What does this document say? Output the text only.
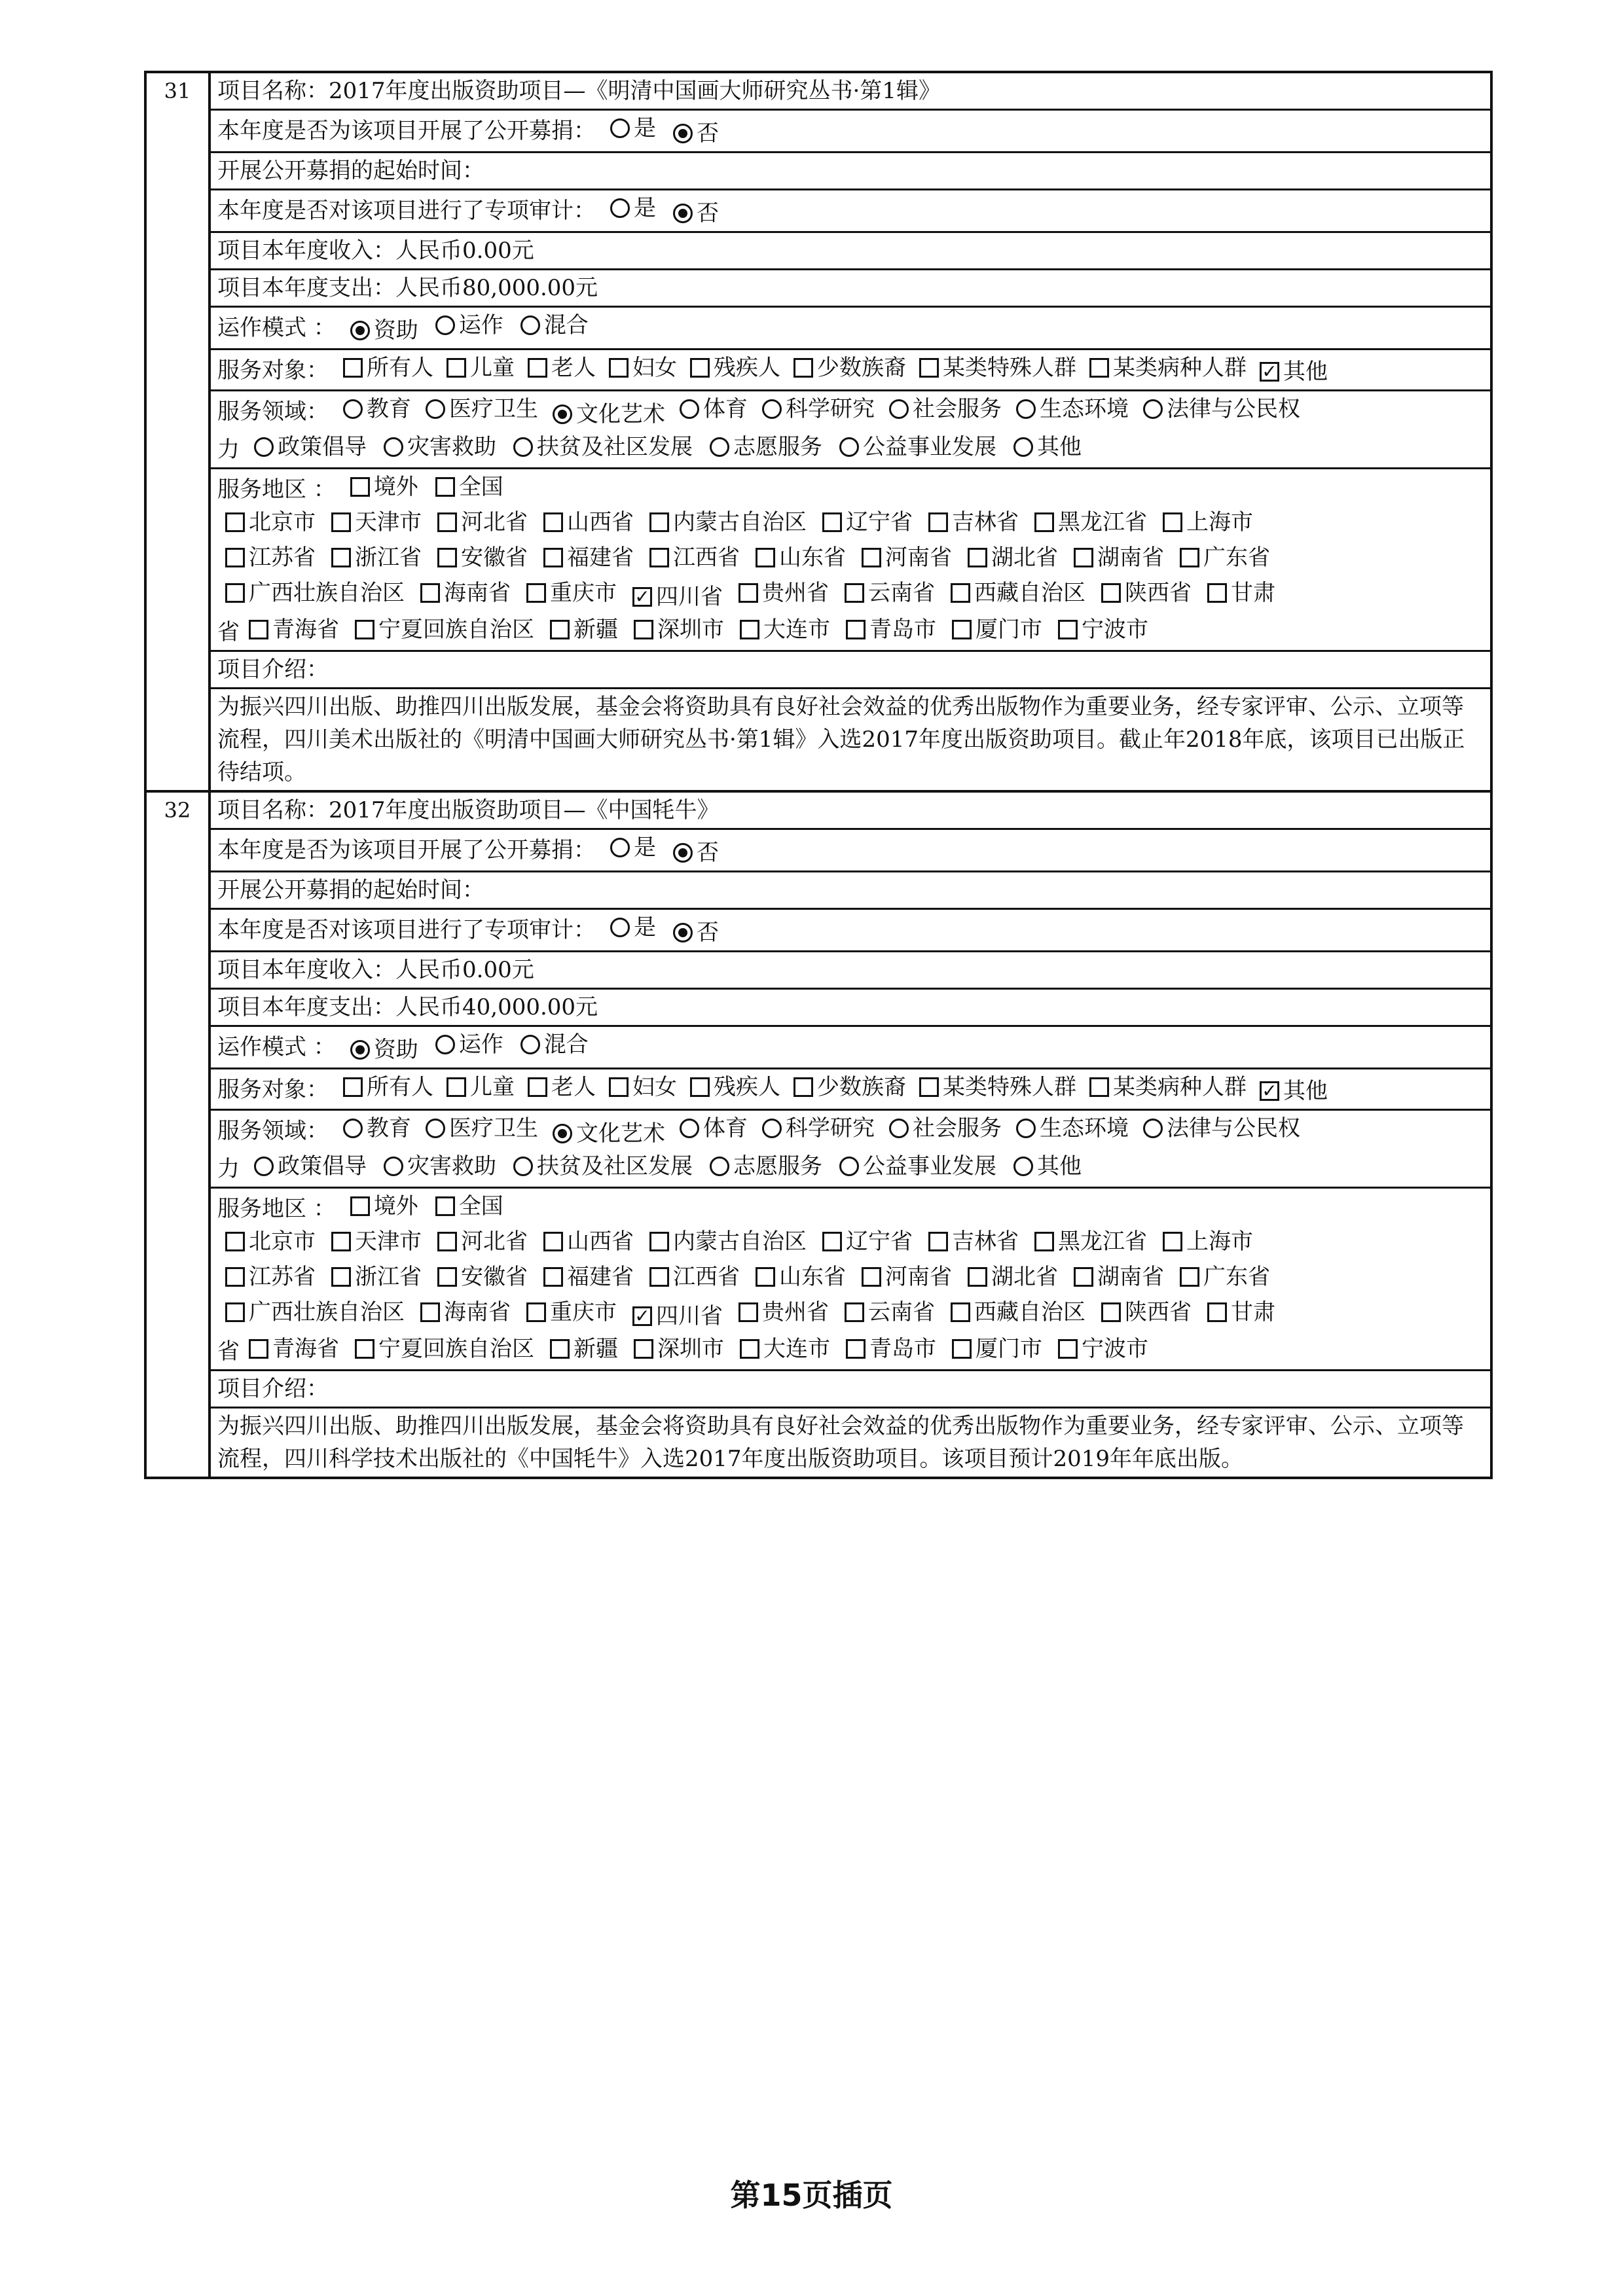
31	项目名称：2017年度出版资助项目—《明清中国画大师研究丛书·第1辑》
本年度是否为该项目开展了公开募捐： 是 否
开展公开募捐的起始时间：
本年度是否对该项目进行了专项审计： 是 否
项目本年度收入：人民币0.00元
项目本年度支出：人民币80,000.00元
运作模式 ： 资助 运作 混合
服务对象： 所有人 儿童 老人 妇女 残疾人 少数族裔 某类特殊人群 某类病种人群 ✓ 其他
服务领域： 教育 医疗卫生 文化艺术 体育 科学研究 社会服务 生态环境 法律与公民权
力 政策倡导 灾害救助 扶贫及社区发展 志愿服务 公益事业发展 其他
服务地区 ： 境外 全国
北京市 天津市 河北省 山西省 内蒙古自治区 辽宁省 吉林省 黑龙江省 上海市
江苏省 浙江省 安徽省 福建省 江西省 山东省 河南省 湖北省 湖南省 广东省
广西壮族自治区 海南省 重庆市 ✓ 四川省 贵州省 云南省 西藏自治区 陕西省 甘肃
省 青海省 宁夏回族自治区 新疆 深圳市 大连市 青岛市 厦门市 宁波市
项目介绍：
为振兴四川出版、助推四川出版发展，基金会将资助具有良好社会效益的优秀出版物作为重要业务，经专家评审、公示、立项等流程，四川美术出版社的《明清中国画大师研究丛书·第1辑》入选2017年度出版资助项目。截止年2018年底，该项目已出版正待结项。
32	项目名称：2017年度出版资助项目—《中国牦牛》
本年度是否为该项目开展了公开募捐： 是 否
开展公开募捐的起始时间：
本年度是否对该项目进行了专项审计： 是 否
项目本年度收入：人民币0.00元
项目本年度支出：人民币40,000.00元
运作模式 ： 资助 运作 混合
服务对象： 所有人 儿童 老人 妇女 残疾人 少数族裔 某类特殊人群 某类病种人群 ✓ 其他
服务领域： 教育 医疗卫生 文化艺术 体育 科学研究 社会服务 生态环境 法律与公民权
力 政策倡导 灾害救助 扶贫及社区发展 志愿服务 公益事业发展 其他
服务地区 ： 境外 全国
北京市 天津市 河北省 山西省 内蒙古自治区 辽宁省 吉林省 黑龙江省 上海市
江苏省 浙江省 安徽省 福建省 江西省 山东省 河南省 湖北省 湖南省 广东省
广西壮族自治区 海南省 重庆市 ✓ 四川省 贵州省 云南省 西藏自治区 陕西省 甘肃
省 青海省 宁夏回族自治区 新疆 深圳市 大连市 青岛市 厦门市 宁波市
项目介绍：
为振兴四川出版、助推四川出版发展，基金会将资助具有良好社会效益的优秀出版物作为重要业务，经专家评审、公示、立项等流程，四川科学技术出版社的《中国牦牛》入选2017年度出版资助项目。该项目预计2019年年底出版。
第15页插页
